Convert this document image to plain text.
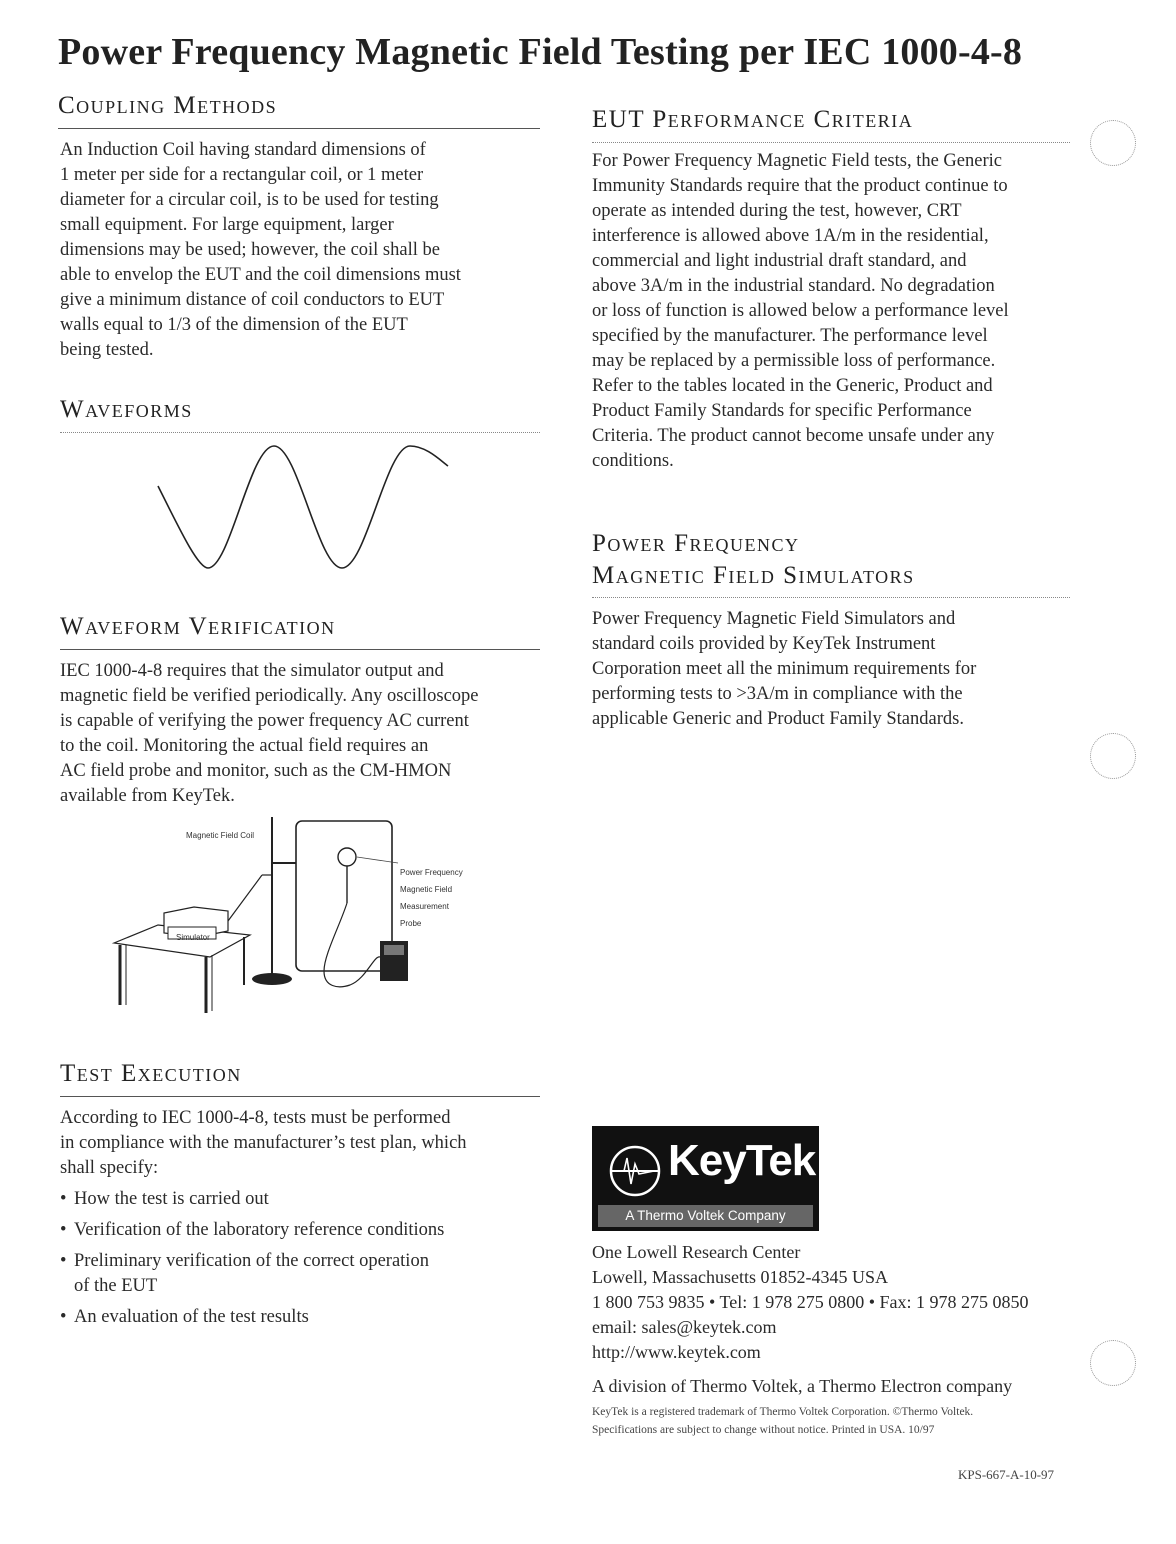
Power Frequency Magnetic Field Testing per IEC 1000-4-8
Coupling Methods

An Induction Coil having standard dimensions of

1 meter per side for a rectangular coil, or 1 meter

diameter for a circular coil, is to be used for testing

small equipment. For large equipment, larger

dimensions may be used; however, the coil shall be

able to envelop the EUT and the coil dimensions must

give a minimum distance of coil conductors to EUT

walls equal to 1/3 of the dimension of the EUT

being tested.

Waveforms
Waveform Verification

IEC 1000-4-8 requires that the simulator output and

magnetic field be verified periodically. Any oscilloscope

is capable of verifying the power frequency AC current

to the coil. Monitoring the actual field requires an

AC field probe and monitor, such as the CM-HMON

available from KeyTek.

Magnetic Field Coil
Simulator

Power Frequency

Magnetic Field

Measurement

Probe

Test Execution

According to IEC 1000-4-8, tests must be performed

in compliance with the manufacturer’s test plan, which

shall specify:

• How the test is carried out
• Verification of the laboratory reference conditions
• Preliminary verification of the correct operation
of the EUT
• An evaluation of the test results
EUT Performance Criteria

For Power Frequency Magnetic Field tests, the Generic

Immunity Standards require that the product continue to

operate as intended during the test, however, CRT

interference is allowed above 1A/m in the residential,

commercial and light industrial draft standard, and

above 3A/m in the industrial standard. No degradation

or loss of function is allowed below a performance level

specified by the manufacturer. The performance level

may be replaced by a permissible loss of performance.

Refer to the tables located in the Generic, Product and

Product Family Standards for specific Performance

Criteria. The product cannot become unsafe under any

conditions.

Power Frequency
Magnetic Field Simulators

Power Frequency Magnetic Field Simulators and

standard coils provided by KeyTek Instrument

Corporation meet all the minimum requirements for

performing tests to >3A/m in compliance with the

applicable Generic and Product Family Standards.

KeyTek
A Thermo Voltek Company
One Lowell Research Center
Lowell, Massachusetts 01852-4345 USA
1 800 753 9835 • Tel: 1 978 275 0800 • Fax: 1 978 275 0850
email: sales@keytek.com
http://www.keytek.com
A division of Thermo Voltek, a Thermo Electron company
KeyTek is a registered trademark of Thermo Voltek Corporation. ©Thermo Voltek.
Specifications are subject to change without notice. Printed in USA. 10/97
KPS-667-A-10-97
